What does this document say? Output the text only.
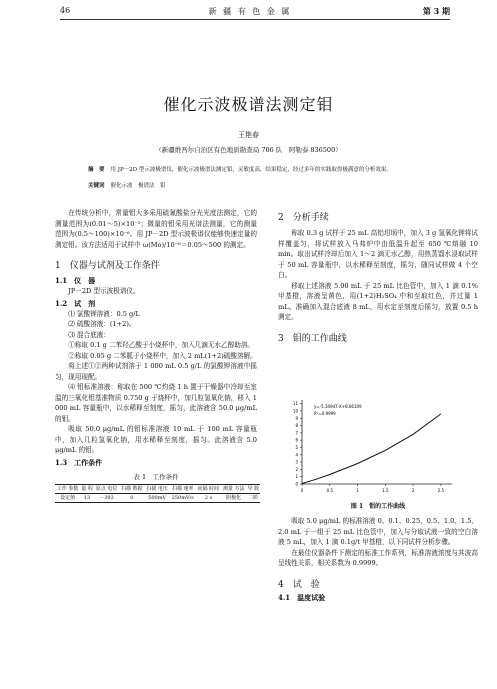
46	新 疆 有 色 金 属	第 3 期
催化示波极谱法测定钼
王艳春
（新疆维吾尔自治区有色地质勘查局 706 队　阿勒泰 836500）
摘　要 用 JP－2D 型示波极谱仪，催化示波极谱法测定钼，灵敏度高，结果稳定，经过多年的实践取得极满意的分析效果。
关键词 催化示波　极谱法　钼

在传统分析中，常量钼大多采用硫氰酸盐分光光度法测定，它的测量范围为(0.01～5)×10⁻²；微量的钼采用光谱法测量，它的测量范围为(0.5～100)×10⁻⁶。用 JP－2D 型示波极谱仪能够快速定量的测定钼。该方法适用于试样中 ω(Mo)/10⁻⁶＝0.05～500 的测定。

1　仪器与试剂及工作条件
1.1　仪　器

JP－2D 型示波极谱仪。

1.2　试　剂

⑴ 氯酸钾溶液：0.5 g/L

⑵ 硫酸溶液：(1+2)。

⑶ 混合底液：

①称取 0.1 g 二苯羟乙酸于小烧杯中，加入几滴无水乙醇助溶。

②称取 0.05 g 二苯胍于小烧杯中，加入 2 mL(1+2)硫酸溶解。

将上述①②两种试剂溶于 1 000 mL 0.5 g/L 的氯酸钾溶液中摇匀，现用现配。

⑷ 钼标准溶液：称取在 500 ℃灼烧 1 h 置于干燥器中冷却至室温的三氧化钼基准物质 0.750 g 于烧杯中，加几粒氢氧化钠，移入 1 000 mL 容量瓶中，以水稀释至刻度，摇匀，此溶液含 50.0 μg/mL 的钼。

吸取 50.0 μg/mL 的钼标准溶液 10 mL 于 100 mL 容量瓶中，加入几粒氢氧化钠，用水稀释至刻度，摇匀。此溶液含 5.0 μg/mL 的钼。

1.3　工作条件
表 1　工作条件
工作 参数	量 程	原点 电位	扫描 数据	扫描 电压	扫描 速率	间隔 时间	测量 方法	导 数
设定值	13	－392	0	500mV	250mV/s	2 s	阴极化	二阶
2　分析手续

称取 0.3 g 试样于 25 mL 高铝坩埚中，加入 3 g 氢氧化钾将试样覆盖匀，将试样放入马弗炉中由低温升起至 650 ℃熔融 10 min。取出试样冷却后加入 1～2 滴无水乙醇，用热蒸馏水浸取试样于 50 mL 容量瓶中，以水稀释至刻度，摇匀，随同试样做 4 个空白。

移取上述溶液 5.00 mL 于 25 mL 比色管中，加入 1 滴 0.1% 甲基橙，溶液呈黄色，用(1+2)H₂SO₄ 中和至取红色，并过量 1 mL。准确加入混合底液 8 mL，用水定至刻度后摇匀，放置 0.5 h 测定。

3　钼的工作曲线
0	0.5	1	1.5	2	2.5
0
1
2
3
4
5
6
7
8
9
10
11
y=-5.34947·X+8.66109
R²=0.9999
图 1　钼的工作曲线

吸取 5.0 μg/mL 的标准溶液 0、0.1、0.25、0.5、1.0、1.5、2.0 mL 于一组于 25 mL 比色管中，加入与分取试液一致的空白溶液 5 mL，加入 1 滴 0.1g/t 甲基橙，以下同试样分析步骤。

在最佳仪器条件下测定的标准工作系列，标准溶液浓度与其波高呈线性关系，相关系数为 0.9999。

4　试　验
4.1　温度试验
